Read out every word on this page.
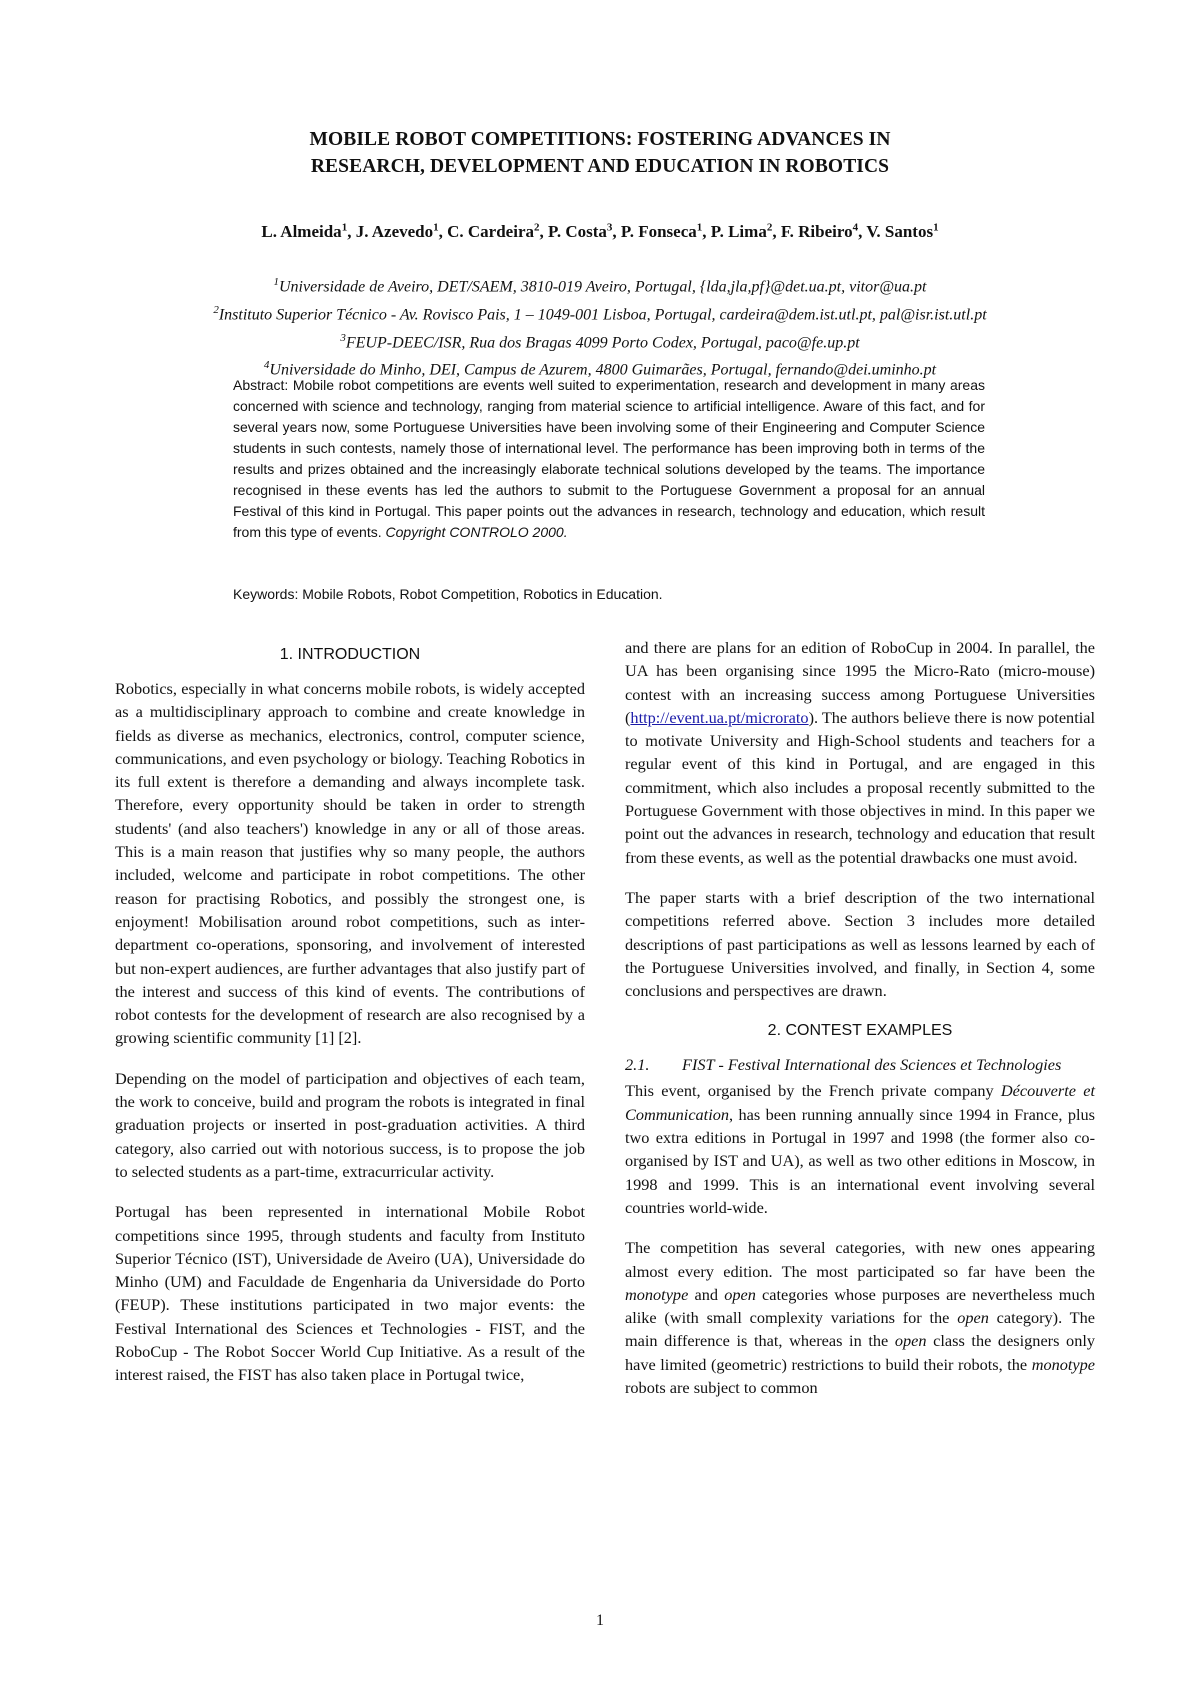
MOBILE ROBOT COMPETITIONS: FOSTERING ADVANCES IN
RESEARCH, DEVELOPMENT AND EDUCATION IN ROBOTICS
L. Almeida$^1$, J. Azevedo$^1$, C. Cardeira$^2$, P. Costa$^3$, P. Fonseca$^1$, P. Lima$^2$, F. Ribeiro$^4$, V. Santos$^1$
$^1$Universidade de Aveiro, DET/SAEM, 3810-019 Aveiro, Portugal, {lda,jla,pf}@det.ua.pt, vitor@ua.pt
$^2$Instituto Superior Técnico - Av. Rovisco Pais, 1 – 1049-001 Lisboa, Portugal, cardeira@dem.ist.utl.pt, pal@isr.ist.utl.pt
$^3$FEUP-DEEC/ISR, Rua dos Bragas 4099 Porto Codex, Portugal, paco@fe.up.pt
$^4$Universidade do Minho, DEI, Campus de Azurem, 4800 Guimarães, Portugal, fernando@dei.uminho.pt
Abstract: Mobile robot competitions are events well suited to experimentation, research and development in many areas concerned with science and technology, ranging from material science to artificial intelligence. Aware of this fact, and for several years now, some Portuguese Universities have been involving some of their Engineering and Computer Science students in such contests, namely those of international level. The performance has been improving both in terms of the results and prizes obtained and the increasingly elaborate technical solutions developed by the teams. The importance recognised in these events has led the authors to submit to the Portuguese Government a proposal for an annual Festival of this kind in Portugal. This paper points out the advances in research, technology and education, which result from this type of events. Copyright CONTROLO 2000.
Keywords: Mobile Robots, Robot Competition, Robotics in Education.
1. INTRODUCTION

Robotics, especially in what concerns mobile robots, is widely accepted as a multidisciplinary approach to combine and create knowledge in fields as diverse as mechanics, electronics, control, computer science, communications, and even psychology or biology. Teaching Robotics in its full extent is therefore a demanding and always incomplete task. Therefore, every opportunity should be taken in order to strength students' (and also teachers') knowledge in any or all of those areas. This is a main reason that justifies why so many people, the authors included, welcome and participate in robot competitions. The other reason for practising Robotics, and possibly the strongest one, is enjoyment! Mobilisation around robot competitions, such as inter-department co-operations, sponsoring, and involvement of interested but non-expert audiences, are further advantages that also justify part of the interest and success of this kind of events. The contributions of robot contests for the development of research are also recognised by a growing scientific community [1] [2].

Depending on the model of participation and objectives of each team, the work to conceive, build and program the robots is integrated in final graduation projects or inserted in post-graduation activities. A third category, also carried out with notorious success, is to propose the job to selected students as a part-time, extracurricular activity.

Portugal has been represented in international Mobile Robot competitions since 1995, through students and faculty from Instituto Superior Técnico (IST), Universidade de Aveiro (UA), Universidade do Minho (UM) and Faculdade de Engenharia da Universidade do Porto (FEUP). These institutions participated in two major events: the Festival International des Sciences et Technologies - FIST, and the RoboCup - The Robot Soccer World Cup Initiative. As a result of the interest raised, the FIST has also taken place in Portugal twice,

and there are plans for an edition of RoboCup in 2004. In parallel, the UA has been organising since 1995 the Micro-Rato (micro-mouse) contest with an increasing success among Portuguese Universities (http://event.ua.pt/microrato). The authors believe there is now potential to motivate University and High-School students and teachers for a regular event of this kind in Portugal, and are engaged in this commitment, which also includes a proposal recently submitted to the Portuguese Government with those objectives in mind. In this paper we point out the advances in research, technology and education that result from these events, as well as the potential drawbacks one must avoid.

The paper starts with a brief description of the two international competitions referred above. Section 3 includes more detailed descriptions of past participations as well as lessons learned by each of the Portuguese Universities involved, and finally, in Section 4, some conclusions and perspectives are drawn.

2. CONTEST EXAMPLES
2.1.	FIST - Festival International des Sciences et Technologies

This event, organised by the French private company Découverte et Communication, has been running annually since 1994 in France, plus two extra editions in Portugal in 1997 and 1998 (the former also co-organised by IST and UA), as well as two other editions in Moscow, in 1998 and 1999. This is an international event involving several countries world-wide.

The competition has several categories, with new ones appearing almost every edition. The most participated so far have been the monotype and open categories whose purposes are nevertheless much alike (with small complexity variations for the open category). The main difference is that, whereas in the open class the designers only have limited (geometric) restrictions to build their robots, the monotype robots are subject to common

1
